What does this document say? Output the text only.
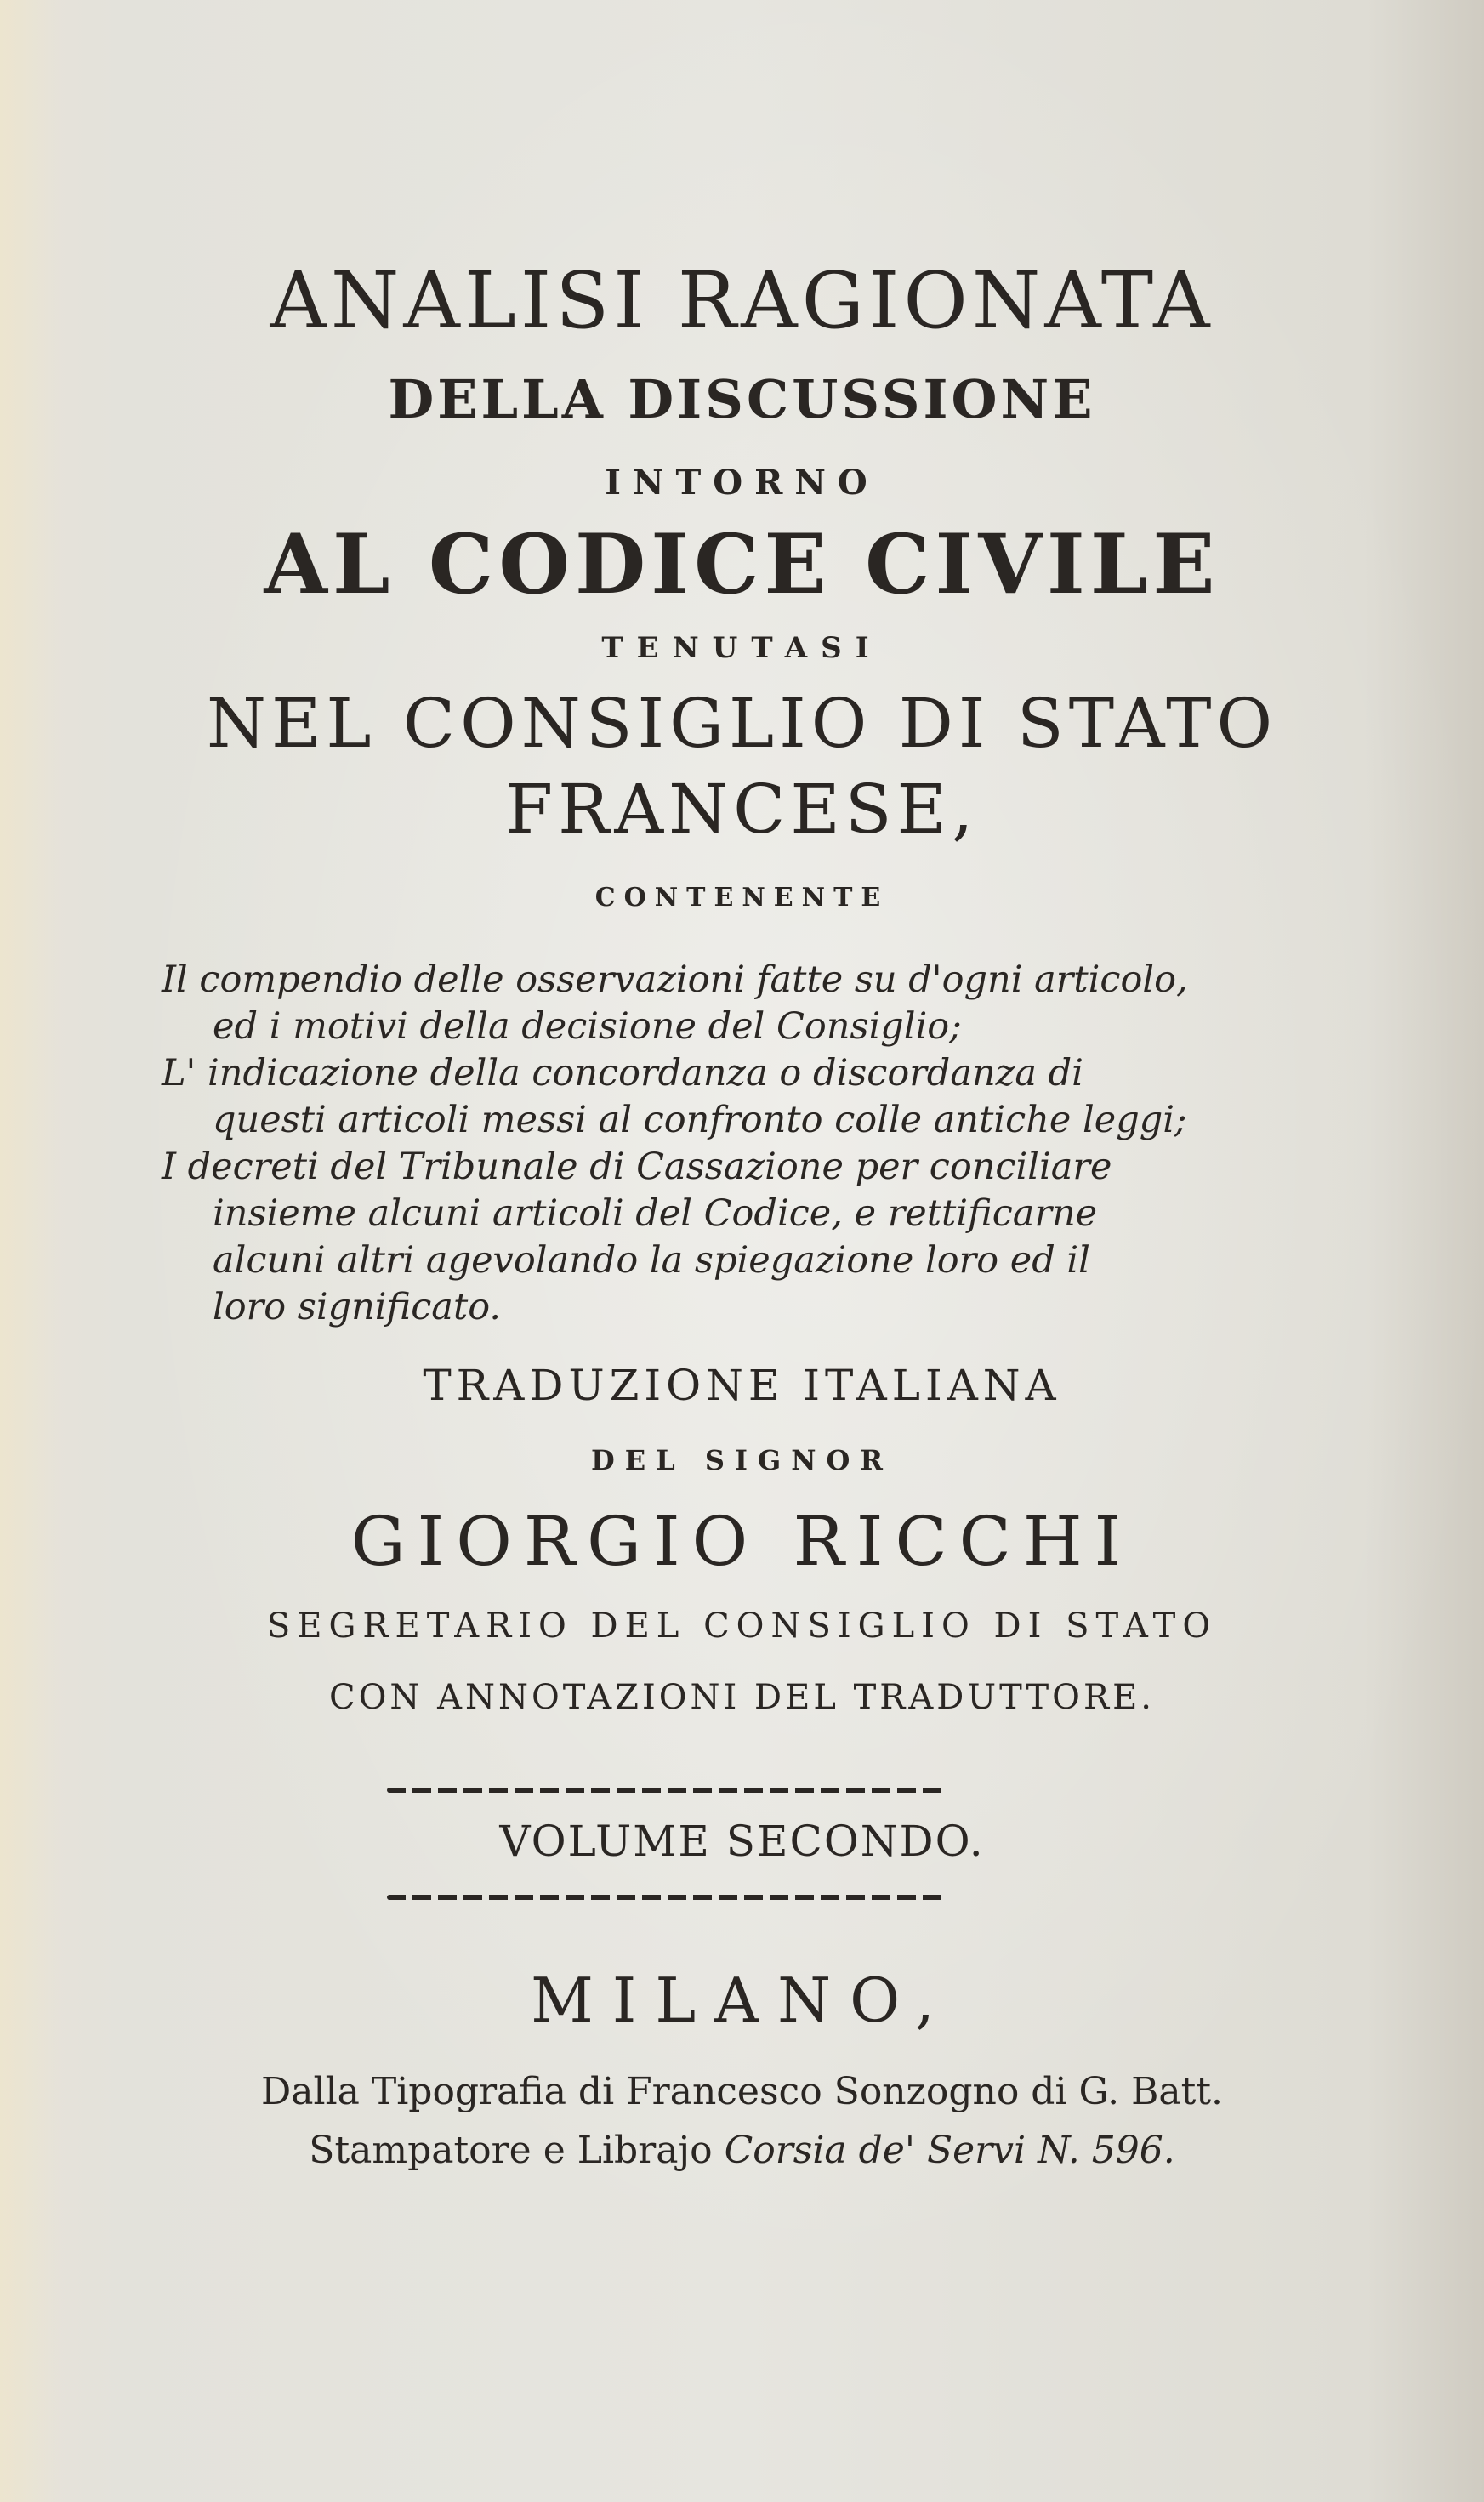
ANALISI RAGIONATA
DELLA DISCUSSIONE
INTORNO
AL CODICE CIVILE
TENUTASI
NEL CONSIGLIO DI STATO
FRANCESE,
CONTENENTE
Il compendio delle osservazioni fatte su d'ogni articolo,
ed i motivi della decisione del Consiglio;
L' indicazione della concordanza o discordanza di
questi articoli messi al confronto colle antiche leggi;
I decreti del Tribunale di Cassazione per conciliare
insieme alcuni articoli del Codice, e rettificarne
alcuni altri agevolando la spiegazione loro ed il
loro significato.
TRADUZIONE ITALIANA
DEL SIGNOR
GIORGIO RICCHI
SEGRETARIO DEL CONSIGLIO DI STATO
CON ANNOTAZIONI DEL TRADUTTORE.
VOLUME SECONDO.
MILANO,
Dalla Tipografia di Francesco Sonzogno di G. Batt.
Stampatore e Librajo Corsia de' Servi N. 596.
